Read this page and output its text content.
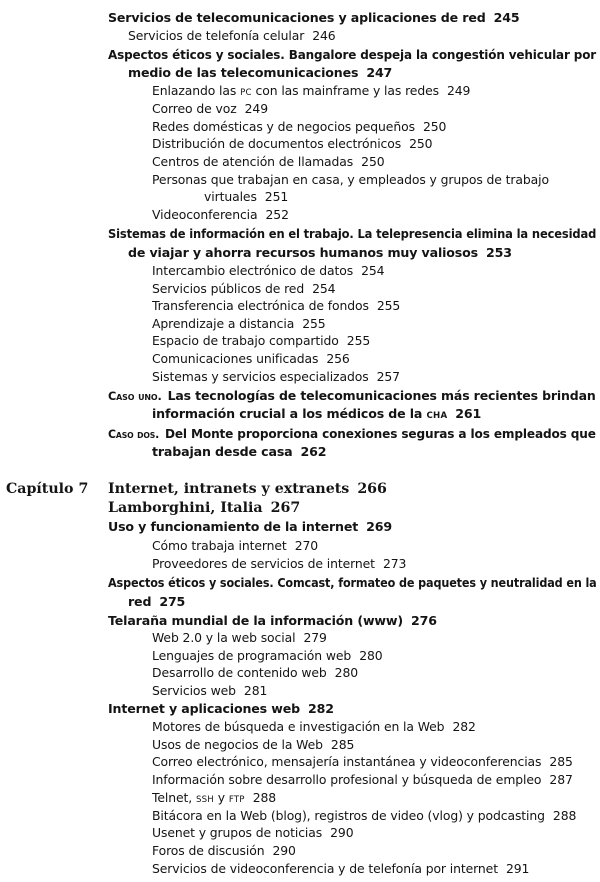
Servicios de telecomunicaciones y aplicaciones de red 245
Servicios de telefonía celular 246
Aspectos éticos y sociales. Bangalore despeja la congestión vehicular por
medio de las telecomunicaciones 247
Enlazando las PC con las mainframe y las redes 249
Correo de voz 249
Redes domésticas y de negocios pequeños 250
Distribución de documentos electrónicos 250
Centros de atención de llamadas 250
Personas que trabajan en casa, y empleados y grupos de trabajo
virtuales 251
Videoconferencia 252
Sistemas de información en el trabajo. La telepresencia elimina la necesidad
de viajar y ahorra recursos humanos muy valiosos 253
Intercambio electrónico de datos 254
Servicios públicos de red 254
Transferencia electrónica de fondos 255
Aprendizaje a distancia 255
Espacio de trabajo compartido 255
Comunicaciones unificadas 256
Sistemas y servicios especializados 257
Caso uno. Las tecnologías de telecomunicaciones más recientes brindan
información crucial a los médicos de la CHA 261
Caso dos. Del Monte proporciona conexiones seguras a los empleados que
trabajan desde casa 262
Capítulo 7 Internet, intranets y extranets 266
Lamborghini, Italia 267
Uso y funcionamiento de la internet 269
Cómo trabaja internet 270
Proveedores de servicios de internet 273
Aspectos éticos y sociales. Comcast, formateo de paquetes y neutralidad en la
red 275
Telaraña mundial de la información (www) 276
Web 2.0 y la web social 279
Lenguajes de programación web 280
Desarrollo de contenido web 280
Servicios web 281
Internet y aplicaciones web 282
Motores de búsqueda e investigación en la Web 282
Usos de negocios de la Web 285
Correo electrónico, mensajería instantánea y videoconferencias 285
Información sobre desarrollo profesional y búsqueda de empleo 287
Telnet, SSH y FTP 288
Bitácora en la Web (blog), registros de video (vlog) y podcasting 288
Usenet y grupos de noticias 290
Foros de discusión 290
Servicios de videoconferencia y de telefonía por internet 291
